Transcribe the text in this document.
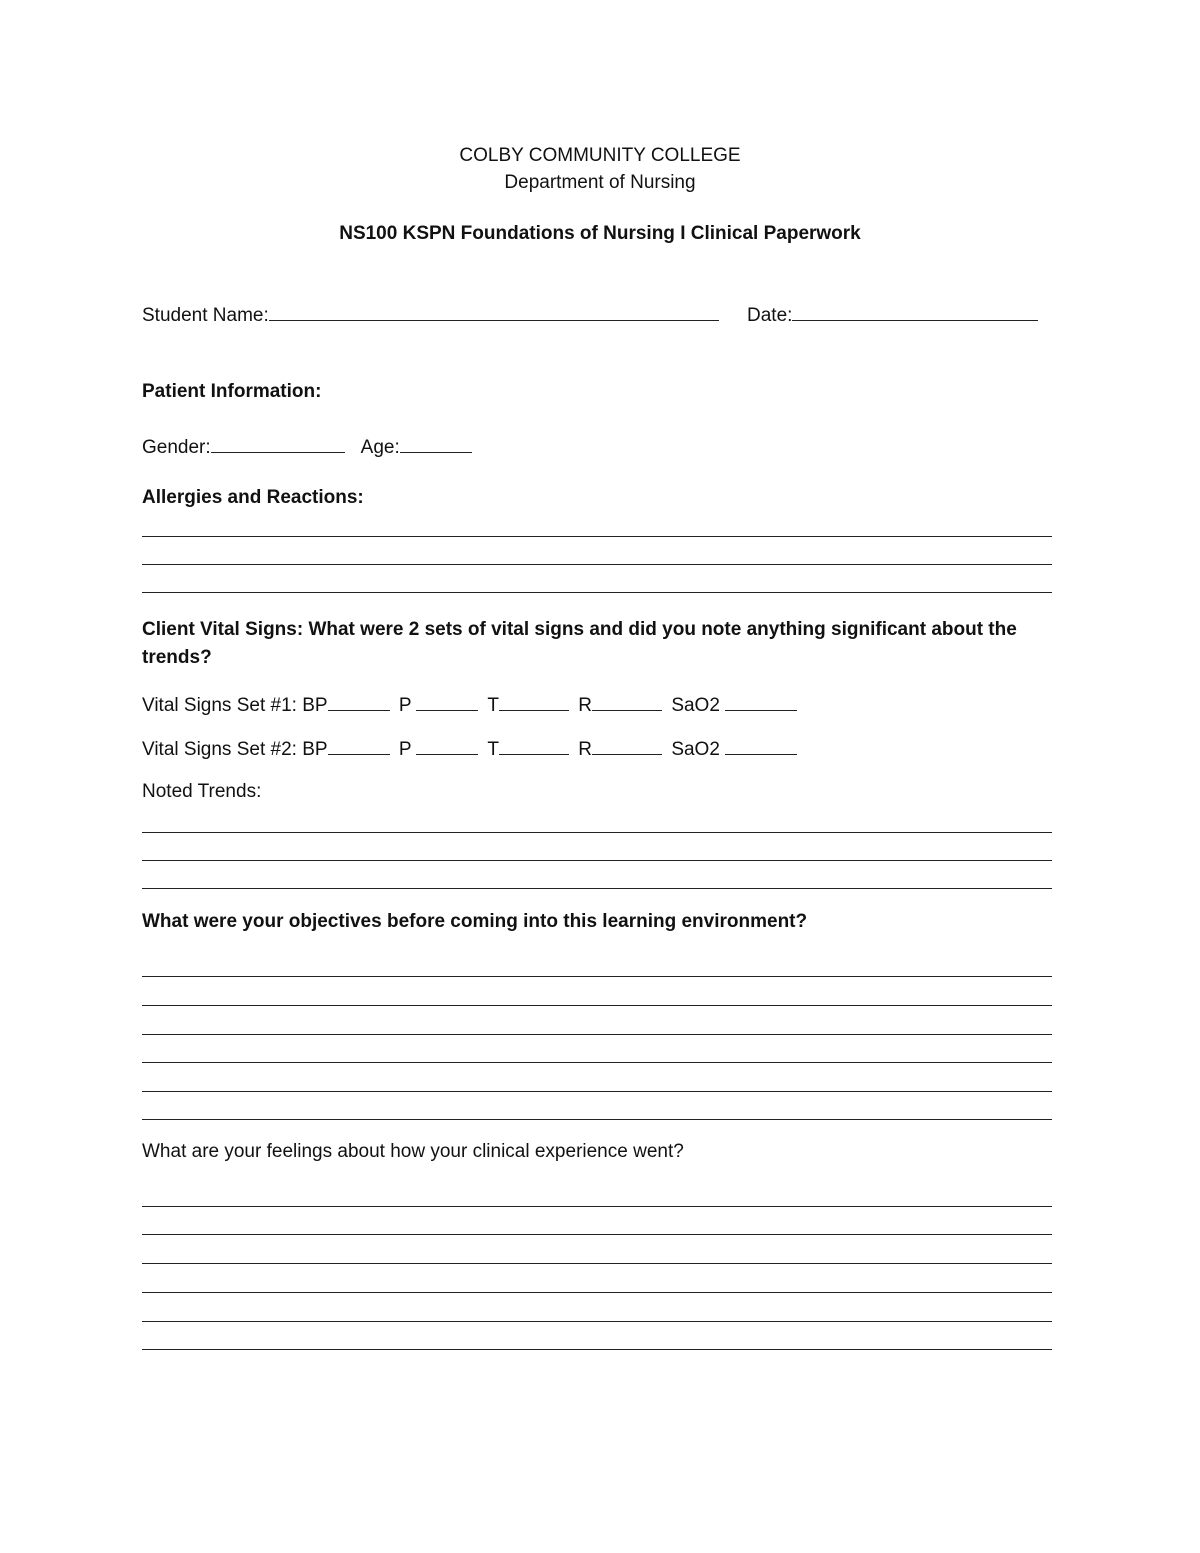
COLBY COMMUNITY COLLEGE
Department of Nursing
NS100 KSPN Foundations of Nursing I Clinical Paperwork
Student Name:	Date:
Patient Information:
Gender:	Age:
Allergies and Reactions:
Client Vital Signs: What were 2 sets of vital signs and did you note anything significant about the
trends?
Vital Signs Set #1: BP	P	T	R	SaO2
Vital Signs Set #2: BP	P	T	R	SaO2
Noted Trends:
What were your objectives before coming into this learning environment?
What are your feelings about how your clinical experience went?
